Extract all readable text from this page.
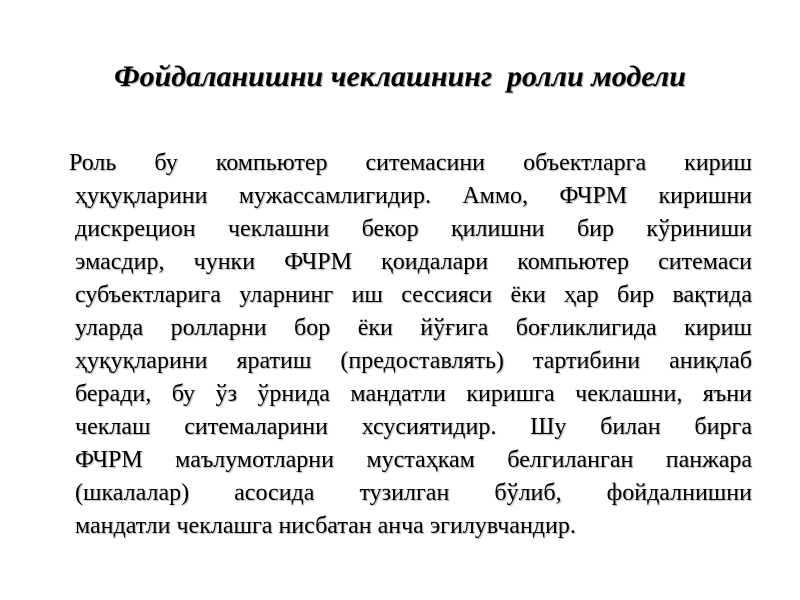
Фойдаланишни чеклашнинг  ролли модели
Роль бу компьютер ситемасини объектларга кириш
ҳуқуқларини мужассамлигидир. Аммо, ФЧРМ киришни
дискрецион чеклашни бекор қилишни бир кўриниши
эмасдир, чунки ФЧРМ қоидалари компьютер ситемаси
субъектларига уларнинг иш сессияси ёки ҳар бир вақтида
уларда ролларни бор ёки йўғига боғликлигида кириш
ҳуқуқларини яратиш (предоставлять) тартибини аниқлаб
беради, бу ўз ўрнида мандатли киришга чеклашни, яъни
чеклаш ситемаларини хсусиятидир. Шу билан бирга
ФЧРМ маълумотларни мустаҳкам белгиланган панжара
(шкалалар) асосида тузилган бўлиб, фойдалнишни
мандатли чеклашга нисбатан анча эгилувчандир.
